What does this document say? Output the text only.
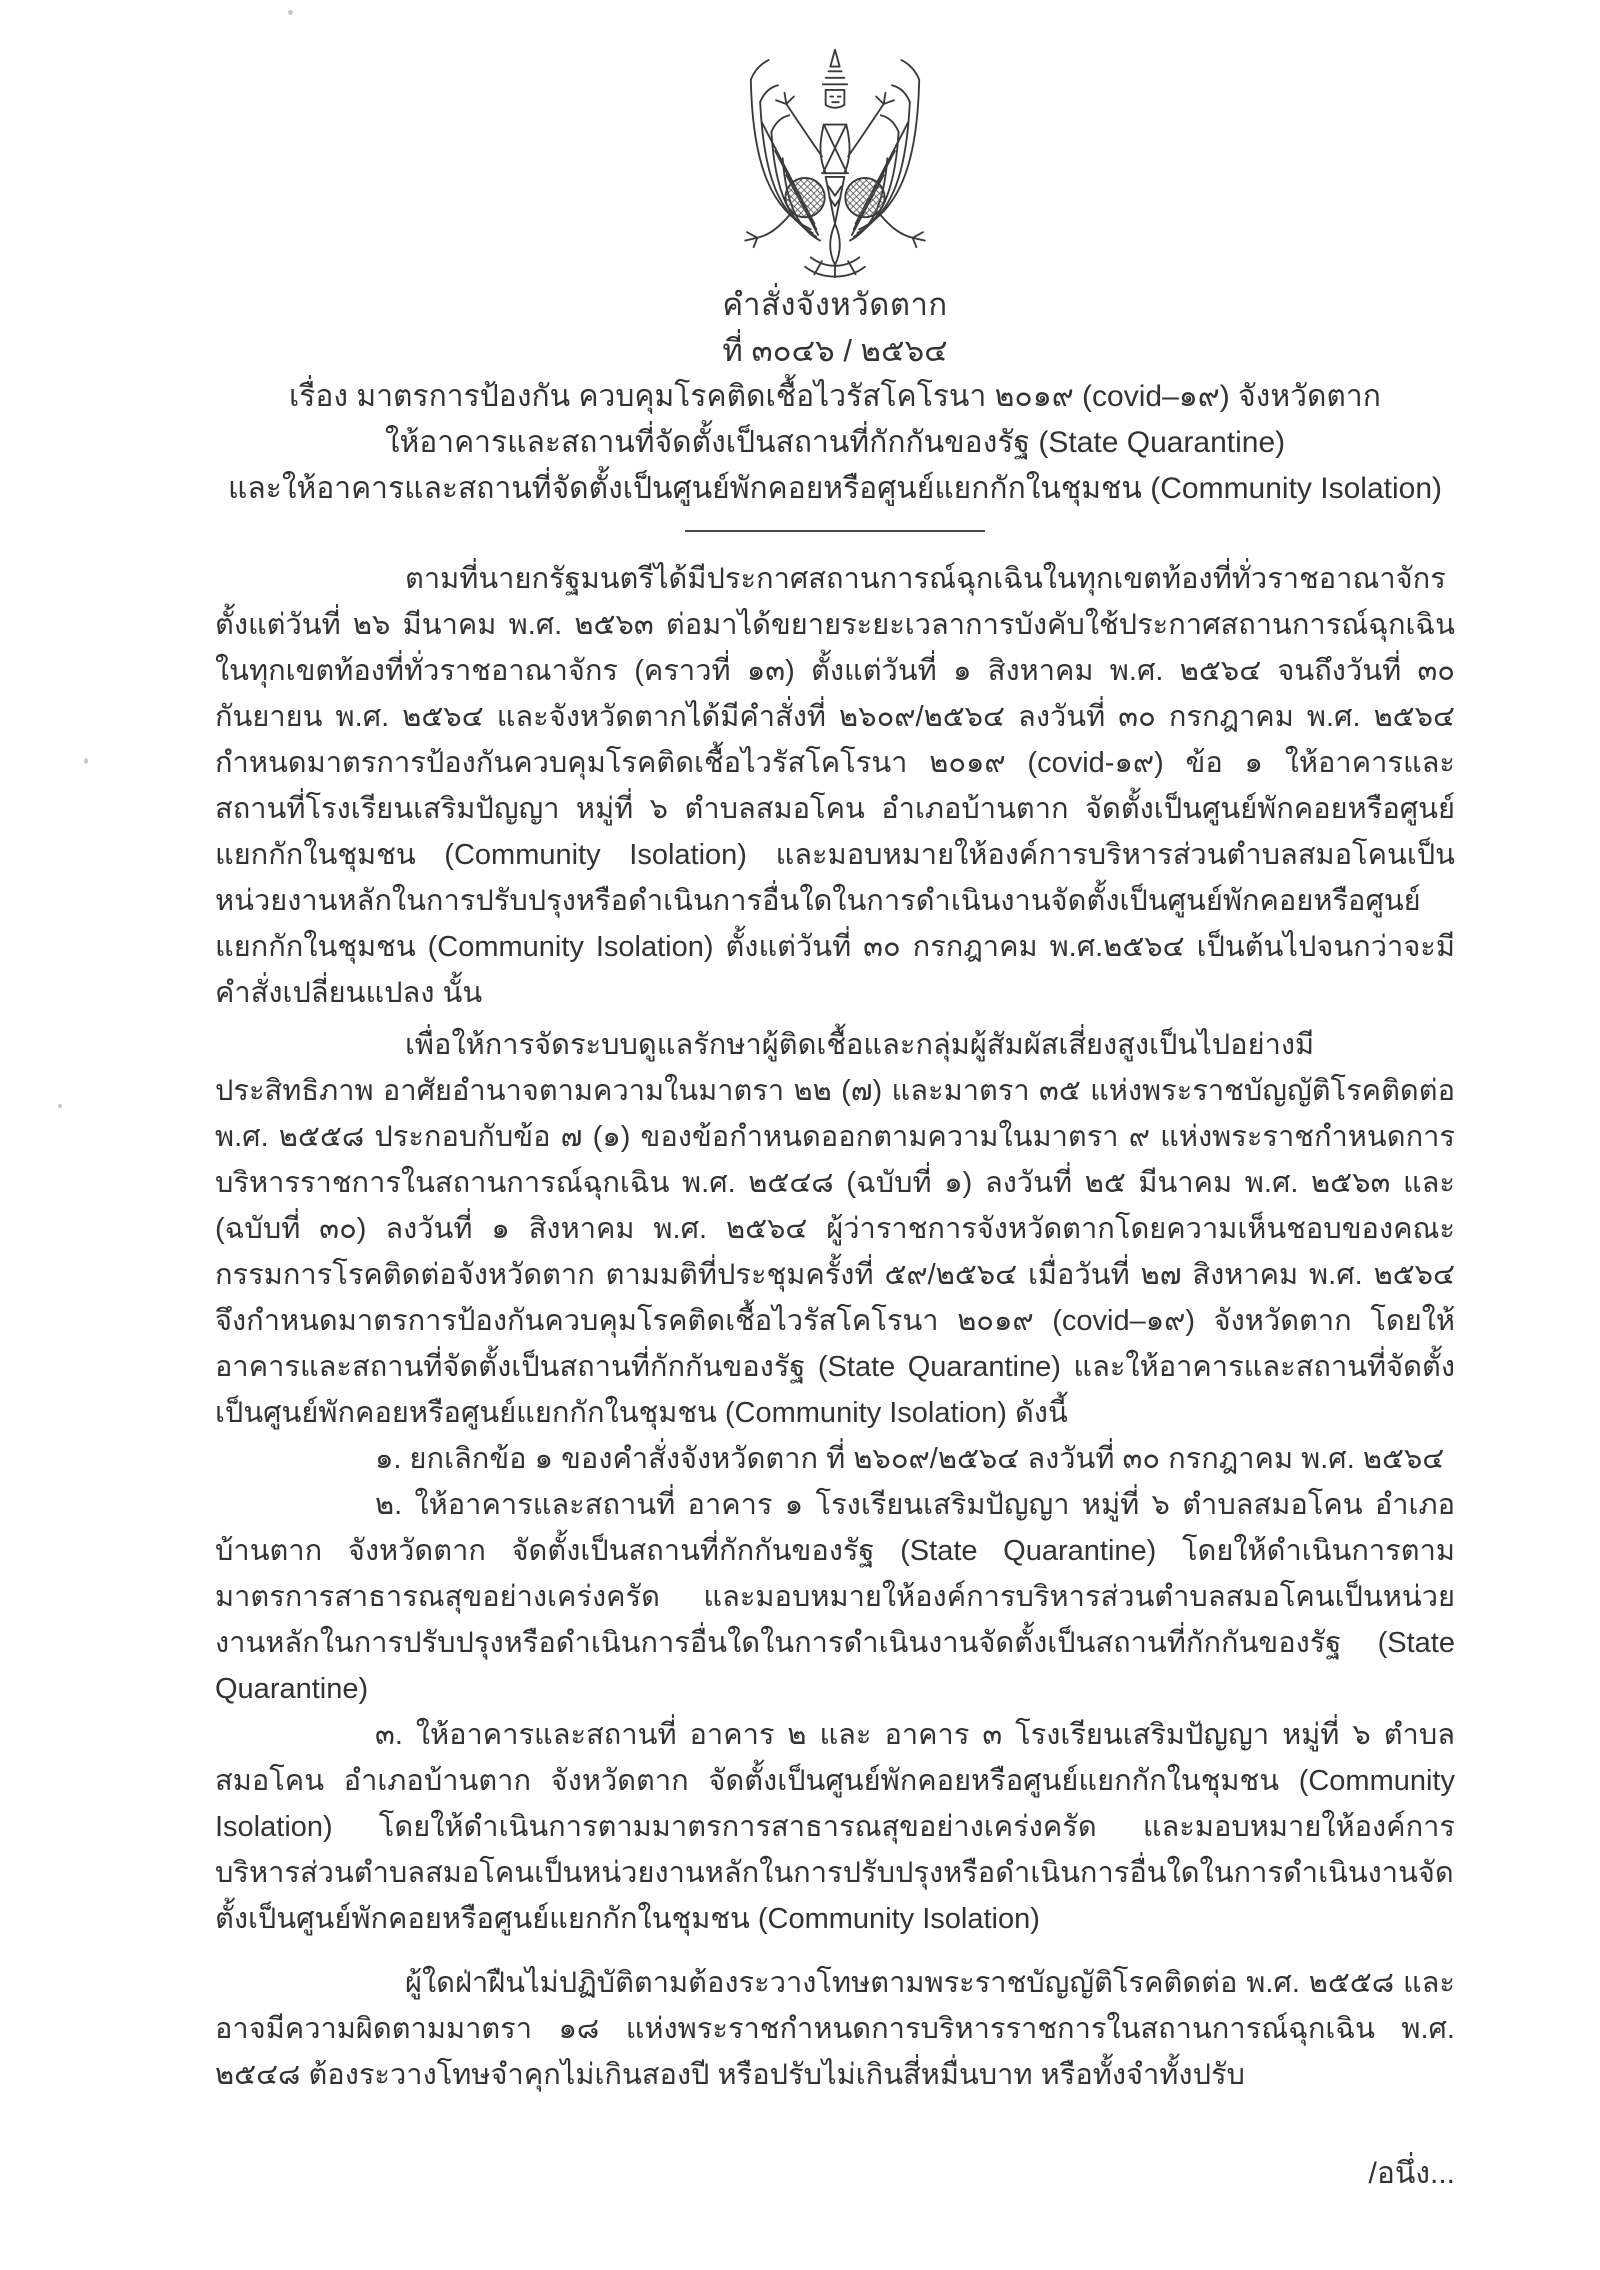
คำสั่งจังหวัดตาก
ที่ ๓๐๔๖ / ๒๕๖๔
เรื่อง มาตรการป้องกัน ควบคุมโรคติดเชื้อไวรัสโคโรนา ๒๐๑๙ (covid–๑๙) จังหวัดตาก
ให้อาคารและสถานที่จัดตั้งเป็นสถานที่กักกันของรัฐ (State Quarantine)
และให้อาคารและสถานที่จัดตั้งเป็นศูนย์พักคอยหรือศูนย์แยกกักในชุมชน (Community Isolation)

ตามที่นายกรัฐมนตรีได้มีประกาศสถานการณ์ฉุกเฉินในทุกเขตท้องที่ทั่วราชอาณาจักรตั้งแต่วันที่ ๒๖ มีนาคม พ.ศ. ๒๕๖๓ ต่อมาได้ขยายระยะเวลาการบังคับใช้ประกาศสถานการณ์ฉุกเฉินในทุกเขตท้องที่ทั่วราชอาณาจักร (คราวที่ ๑๓) ตั้งแต่วันที่ ๑ สิงหาคม พ.ศ. ๒๕๖๔ จนถึงวันที่ ๓๐ กันยายน พ.ศ. ๒๕๖๔ และจังหวัดตากได้มีคำสั่งที่ ๒๖๐๙/๒๕๖๔ ลงวันที่ ๓๐ กรกฎาคม พ.ศ. ๒๕๖๔ กำหนดมาตรการป้องกันควบคุมโรคติดเชื้อไวรัสโคโรนา ๒๐๑๙ (covid-๑๙) ข้อ ๑ ให้อาคารและสถานที่โรงเรียนเสริมปัญญา หมู่ที่ ๖ ตำบลสมอโคน อำเภอบ้านตาก จัดตั้งเป็นศูนย์พักคอยหรือศูนย์แยกกักในชุมชน (Community Isolation) และมอบหมายให้องค์การบริหารส่วนตำบลสมอโคนเป็นหน่วยงานหลักในการปรับปรุงหรือดำเนินการอื่นใดในการดำเนินงานจัดตั้งเป็นศูนย์พักคอยหรือศูนย์แยกกักในชุมชน (Community Isolation) ตั้งแต่วันที่ ๓๐ กรกฎาคม พ.ศ.๒๕๖๔ เป็นต้นไปจนกว่าจะมีคำสั่งเปลี่ยนแปลง นั้น

เพื่อให้การจัดระบบดูแลรักษาผู้ติดเชื้อและกลุ่มผู้สัมผัสเสี่ยงสูงเป็นไปอย่างมีประสิทธิภาพ อาศัยอำนาจตามความในมาตรา ๒๒ (๗) และมาตรา ๓๕ แห่งพระราชบัญญัติโรคติดต่อ พ.ศ. ๒๕๕๘ ประกอบกับข้อ ๗ (๑) ของข้อกำหนดออกตามความในมาตรา ๙ แห่งพระราชกำหนดการบริหารราชการในสถานการณ์ฉุกเฉิน พ.ศ. ๒๕๔๘ (ฉบับที่ ๑) ลงวันที่ ๒๕ มีนาคม พ.ศ. ๒๕๖๓ และ (ฉบับที่ ๓๐) ลงวันที่ ๑ สิงหาคม พ.ศ. ๒๕๖๔ ผู้ว่าราชการจังหวัดตากโดยความเห็นชอบของคณะกรรมการโรคติดต่อจังหวัดตาก ตามมติที่ประชุมครั้งที่ ๕๙/๒๕๖๔ เมื่อวันที่ ๒๗ สิงหาคม พ.ศ. ๒๕๖๔ จึงกำหนดมาตรการป้องกันควบคุมโรคติดเชื้อไวรัสโคโรนา ๒๐๑๙ (covid–๑๙) จังหวัดตาก โดยให้อาคารและสถานที่จัดตั้งเป็นสถานที่กักกันของรัฐ (State Quarantine) และให้อาคารและสถานที่จัดตั้งเป็นศูนย์พักคอยหรือศูนย์แยกกักในชุมชน (Community Isolation) ดังนี้

๑. ยกเลิกข้อ ๑ ของคำสั่งจังหวัดตาก ที่ ๒๖๐๙/๒๕๖๔ ลงวันที่ ๓๐ กรกฎาคม พ.ศ. ๒๕๖๔

๒. ให้อาคารและสถานที่ อาคาร ๑ โรงเรียนเสริมปัญญา หมู่ที่ ๖ ตำบลสมอโคน อำเภอบ้านตาก จังหวัดตาก จัดตั้งเป็นสถานที่กักกันของรัฐ (State Quarantine) โดยให้ดำเนินการตามมาตรการสาธารณสุขอย่างเคร่งครัด และมอบหมายให้องค์การบริหารส่วนตำบลสมอโคนเป็นหน่วยงานหลักในการปรับปรุงหรือดำเนินการอื่นใดในการดำเนินงานจัดตั้งเป็นสถานที่กักกันของรัฐ (State Quarantine)

๓. ให้อาคารและสถานที่ อาคาร ๒ และ อาคาร ๓ โรงเรียนเสริมปัญญา หมู่ที่ ๖ ตำบลสมอโคน อำเภอบ้านตาก จังหวัดตาก จัดตั้งเป็นศูนย์พักคอยหรือศูนย์แยกกักในชุมชน (Community Isolation) โดยให้ดำเนินการตามมาตรการสาธารณสุขอย่างเคร่งครัด และมอบหมายให้องค์การบริหารส่วนตำบลสมอโคนเป็นหน่วยงานหลักในการปรับปรุงหรือดำเนินการอื่นใดในการดำเนินงานจัดตั้งเป็นศูนย์พักคอยหรือศูนย์แยกกักในชุมชน (Community Isolation)

ผู้ใดฝ่าฝืนไม่ปฏิบัติตามต้องระวางโทษตามพระราชบัญญัติโรคติดต่อ พ.ศ. ๒๕๕๘ และอาจมีความผิดตามมาตรา ๑๘ แห่งพระราชกำหนดการบริหารราชการในสถานการณ์ฉุกเฉิน พ.ศ. ๒๕๔๘ ต้องระวางโทษจำคุกไม่เกินสองปี หรือปรับไม่เกินสี่หมื่นบาท หรือทั้งจำทั้งปรับ

/อนึ่ง...
